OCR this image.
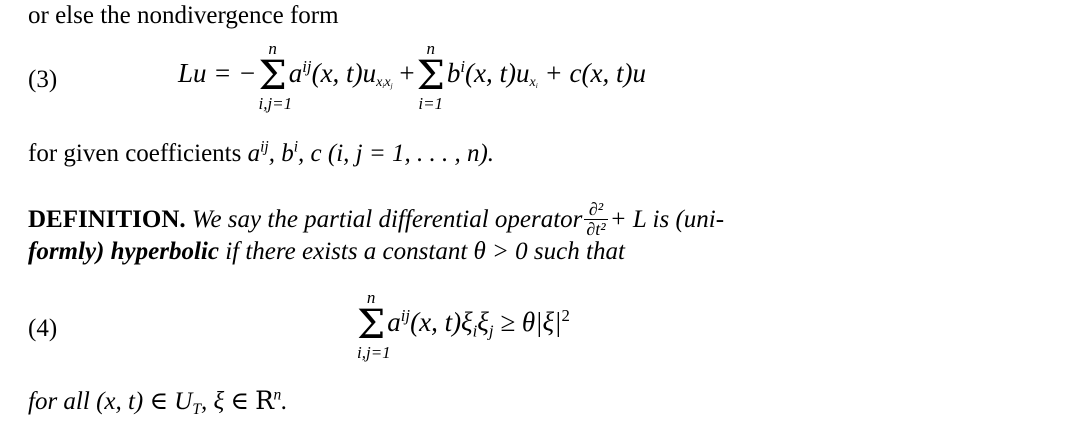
or else the nondivergence form
(3)	Lu = −
n
Σ
i,j=1
$a^{ij}(x$, $t)u_{x_ix_j}$ +
n
Σ
i=1
$b^i(x$, $t)u_{x_i} + c(x$, t)u
for given coefficients $a^{ij}$, $b^i$, c (i, j = 1, . . . , n).
DEFINITION. We say the partial differential operator $\frac{\text{∂²}}{\text{∂t²}} + L$ is (uni-
formly) hyperbolic if there exists a constant θ > 0 such that
(4)
n
Σ
i,j=1
$a^{ij}(x$, $t)\xi_i\xi_j \ge \theta|\xi|^2$
for all (x, t) ∈ $U_T$, ξ ∈ $R^n$.
